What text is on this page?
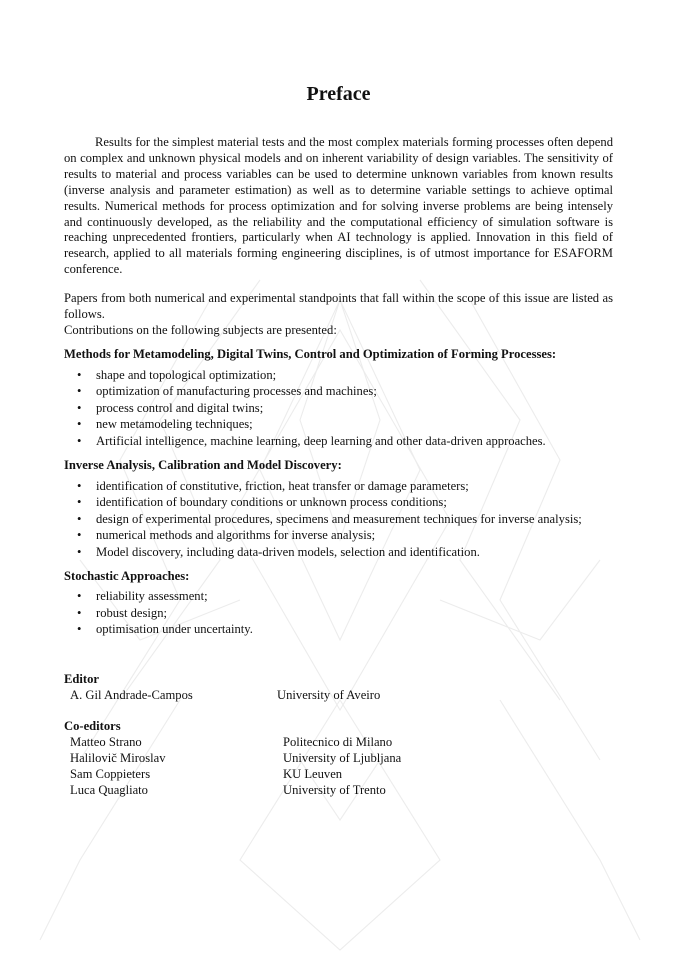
Preface

Results for the simplest material tests and the most complex materials forming processes often depend on complex and unknown physical models and on inherent variability of design variables. The sensitivity of results to material and process variables can be used to determine unknown variables from known results (inverse analysis and parameter estimation) as well as to determine variable settings to achieve optimal results. Numerical methods for process optimization and for solving inverse problems are being intensely and continuously developed, as the reliability and the computational efficiency of simulation software is reaching unprecedented frontiers, particularly when AI technology is applied. Innovation in this field of research, applied to all materials forming engineering disciplines, is of utmost importance for ESAFORM conference.

Papers from both numerical and experimental standpoints that fall within the scope of this issue are listed as follows.

Contributions on the following subjects are presented:

Methods for Metamodeling, Digital Twins, Control and Optimization of Forming Processes:
• shape and topological optimization;
• optimization of manufacturing processes and machines;
• process control and digital twins;
• new metamodeling techniques;
• Artificial intelligence, machine learning, deep learning and other data-driven approaches.
Inverse Analysis, Calibration and Model Discovery:
• identification of constitutive, friction, heat transfer or damage parameters;
• identification of boundary conditions or unknown process conditions;
• design of experimental procedures, specimens and measurement techniques for inverse analysis;
• numerical methods and algorithms for inverse analysis;
• Model discovery, including data-driven models, selection and identification.
Stochastic Approaches:
• reliability assessment;
• robust design;
• optimisation under uncertainty.
Editor
A. Gil Andrade-Campos	University of Aveiro
Co-editors
Matteo Strano	Politecnico di Milano
Halilovič Miroslav	University of Ljubljana
Sam Coppieters	KU Leuven
Luca Quagliato	University of Trento
